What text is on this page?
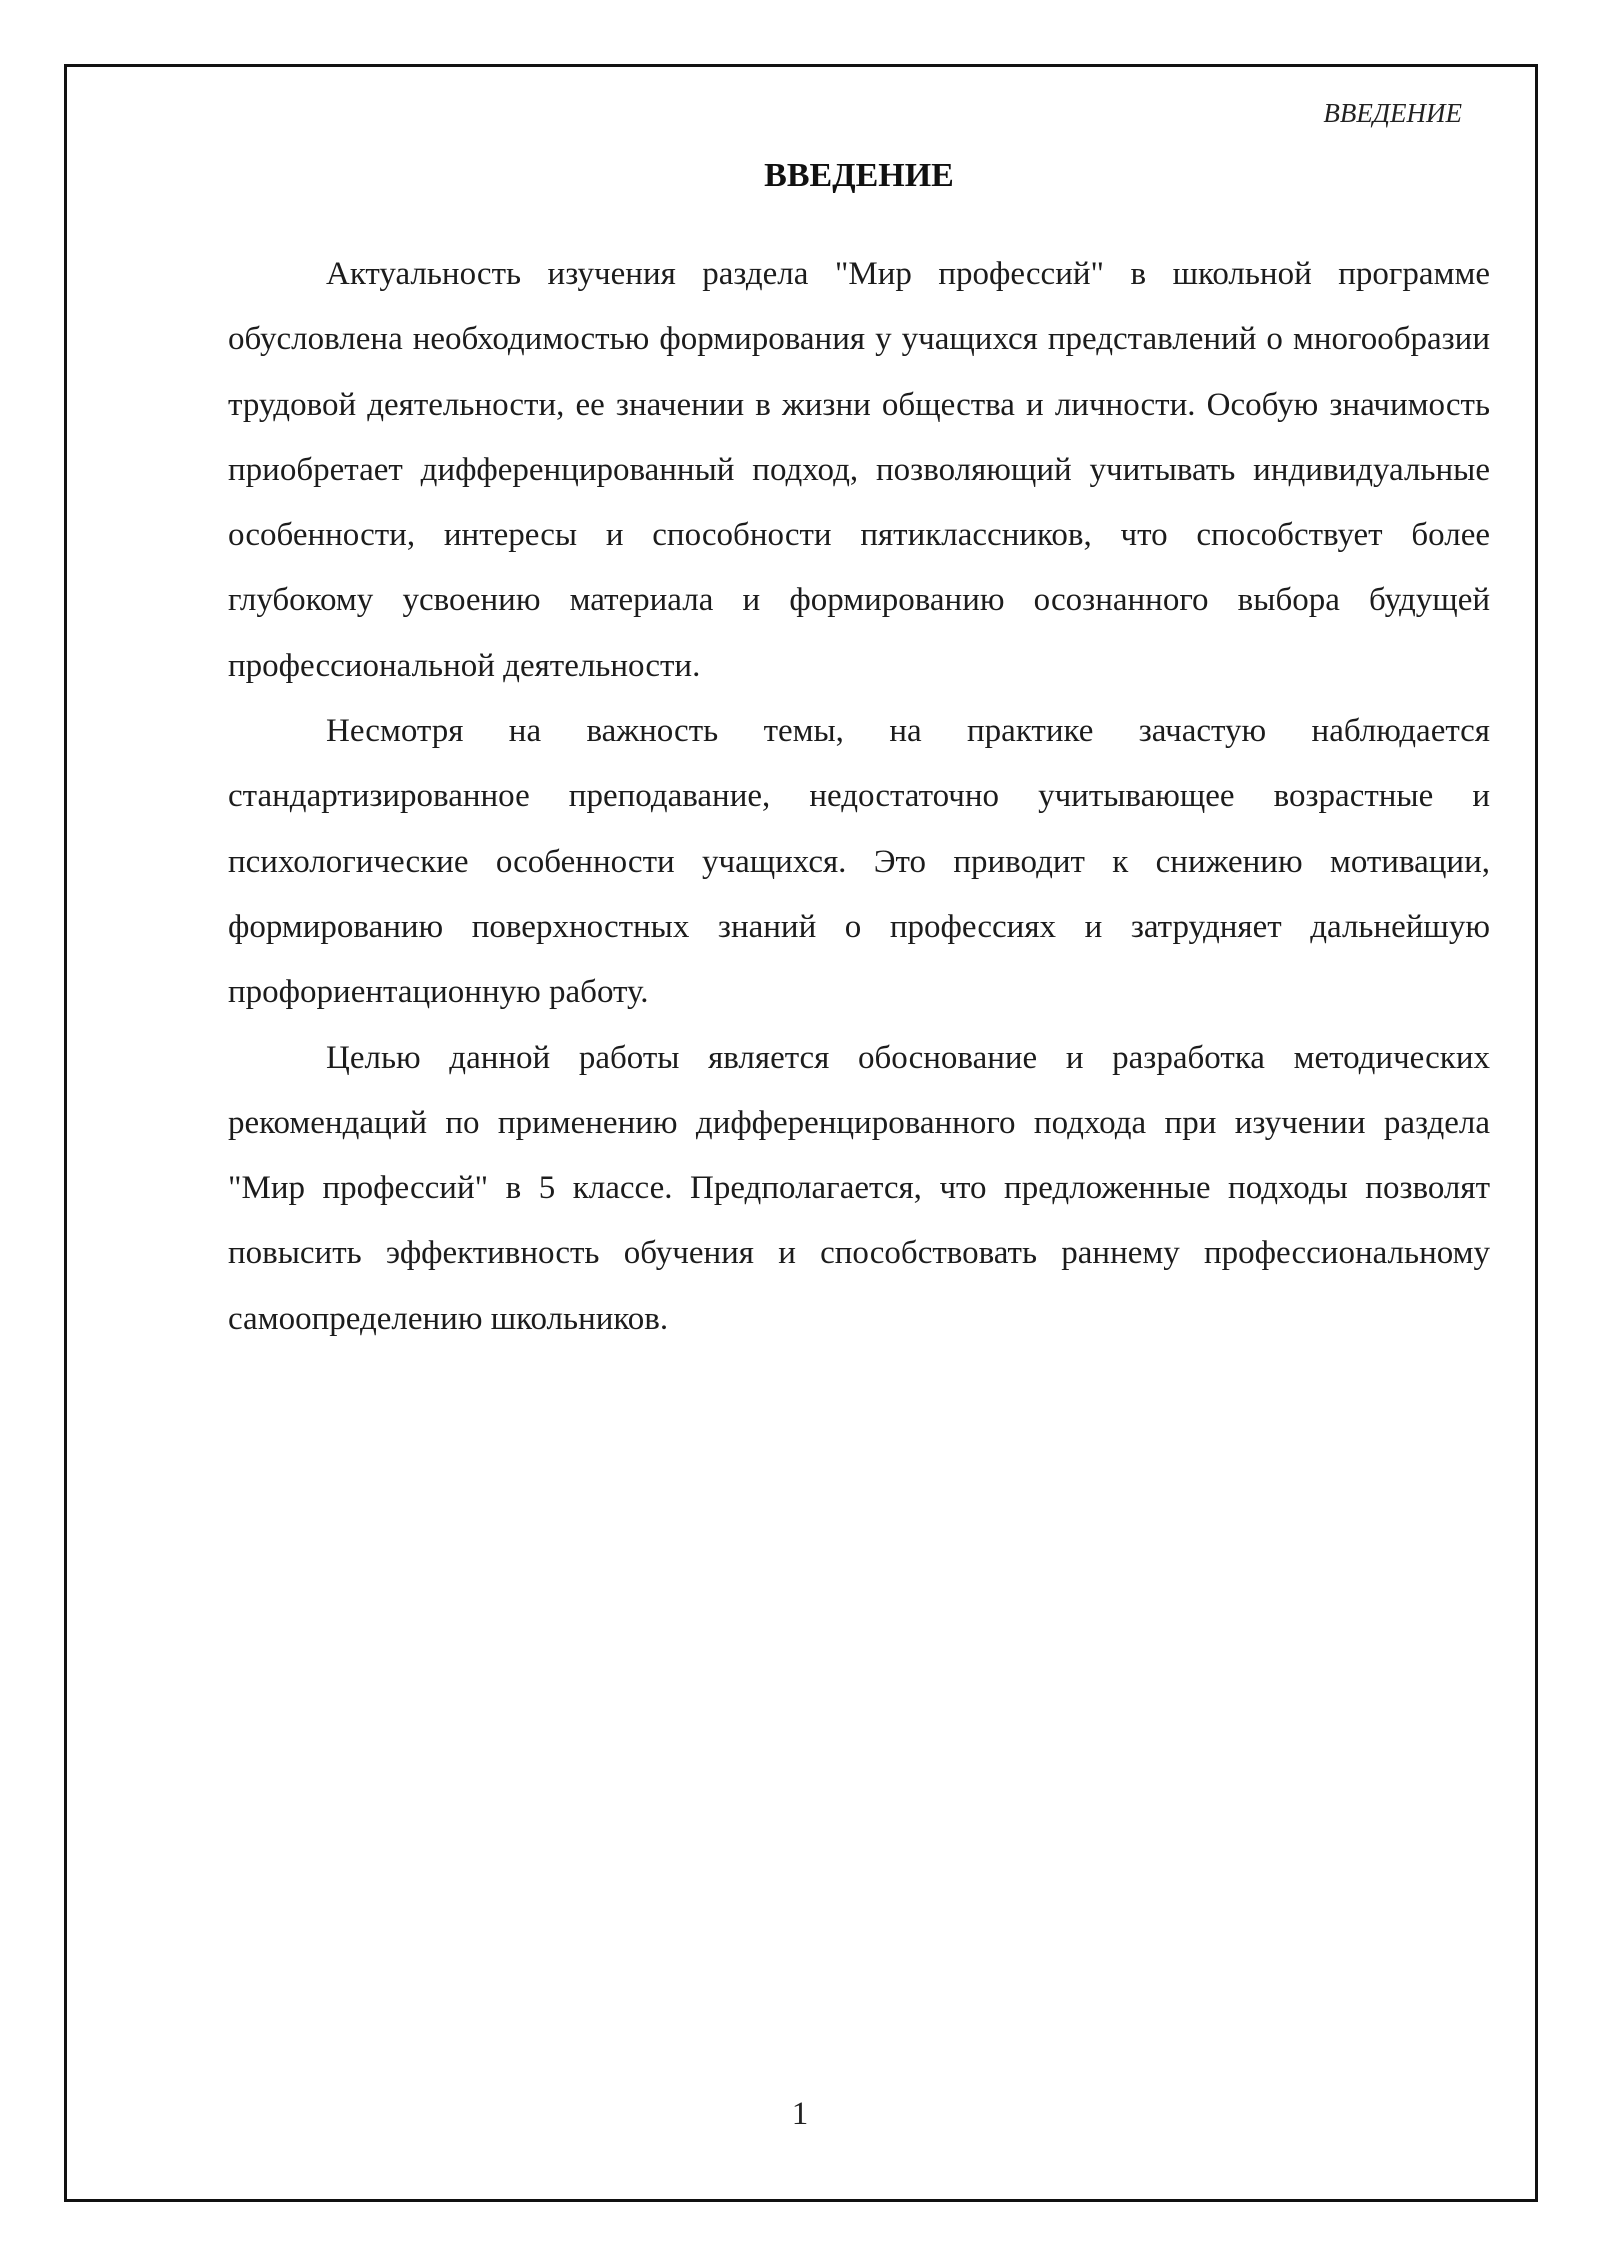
ВВЕДЕНИЕ
ВВЕДЕНИЕ

Актуальность изучения раздела "Мир профессий" в школьной программе обусловлена необходимостью формирования у учащихся представлений о многообразии трудовой деятельности, ее значении в жизни общества и личности. Особую значимость приобретает дифференцированный подход, позволяющий учитывать индивидуальные особенности, интересы и способности пятиклассников, что способствует более глубокому усвоению материала и формированию осознанного выбора будущей профессиональной деятельности.

Несмотря на важность темы, на практике зачастую наблюдается стандартизированное преподавание, недостаточно учитывающее возрастные и психологические особенности учащихся. Это приводит к снижению мотивации, формированию поверхностных знаний о профессиях и затрудняет дальнейшую профориентационную работу.

Целью данной работы является обоснование и разработка методических рекомендаций по применению дифференцированного подхода при изучении раздела "Мир профессий" в 5 классе. Предполагается, что предложенные подходы позволят повысить эффективность обучения и способствовать раннему профессиональному самоопределению школьников.

1
